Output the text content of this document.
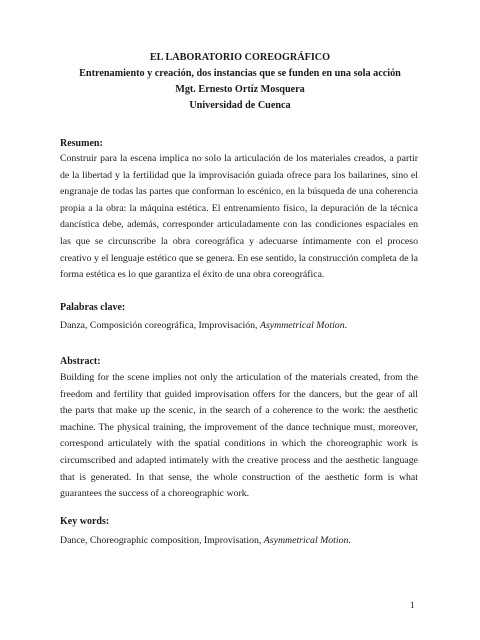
EL LABORATORIO COREOGRÁFICO
Entrenamiento y creación, dos instancias que se funden en una sola acción
Mgt. Ernesto Ortíz Mosquera
Universidad de Cuenca
Resumen:
Construir para la escena implica no solo la articulación de los materiales creados, a partir de la libertad y la fertilidad que la improvisación guiada ofrece para los bailarines, sino el engranaje de todas las partes que conforman lo escénico, en la búsqueda de una coherencia propia a la obra: la máquina estética. El entrenamiento físico, la depuración de la técnica dancística debe, además, corresponder articuladamente con las condiciones espaciales en las que se circunscribe la obra coreográfica y adecuarse íntimamente con el proceso creativo y el lenguaje estético que se genera. En ese sentido, la construcción completa de la forma estética es lo que garantiza el éxito de una obra coreográfica.
Palabras clave:
Danza, Composición coreográfica, Improvisación, Asymmetrical Motion.
Abstract:
Building for the scene implies not only the articulation of the materials created, from the freedom and fertility that guided improvisation offers for the dancers, but the gear of all the parts that make up the scenic, in the search of a coherence to the work: the aesthetic machine. The physical training, the improvement of the dance technique must, moreover, correspond articulately with the spatial conditions in which the choreographic work is circumscribed and adapted intimately with the creative process and the aesthetic language that is generated. In that sense, the whole construction of the aesthetic form is what guarantees the success of a choreographic work.
Key words:
Dance, Choreographic composition, Improvisation, Asymmetrical Motion.
1
